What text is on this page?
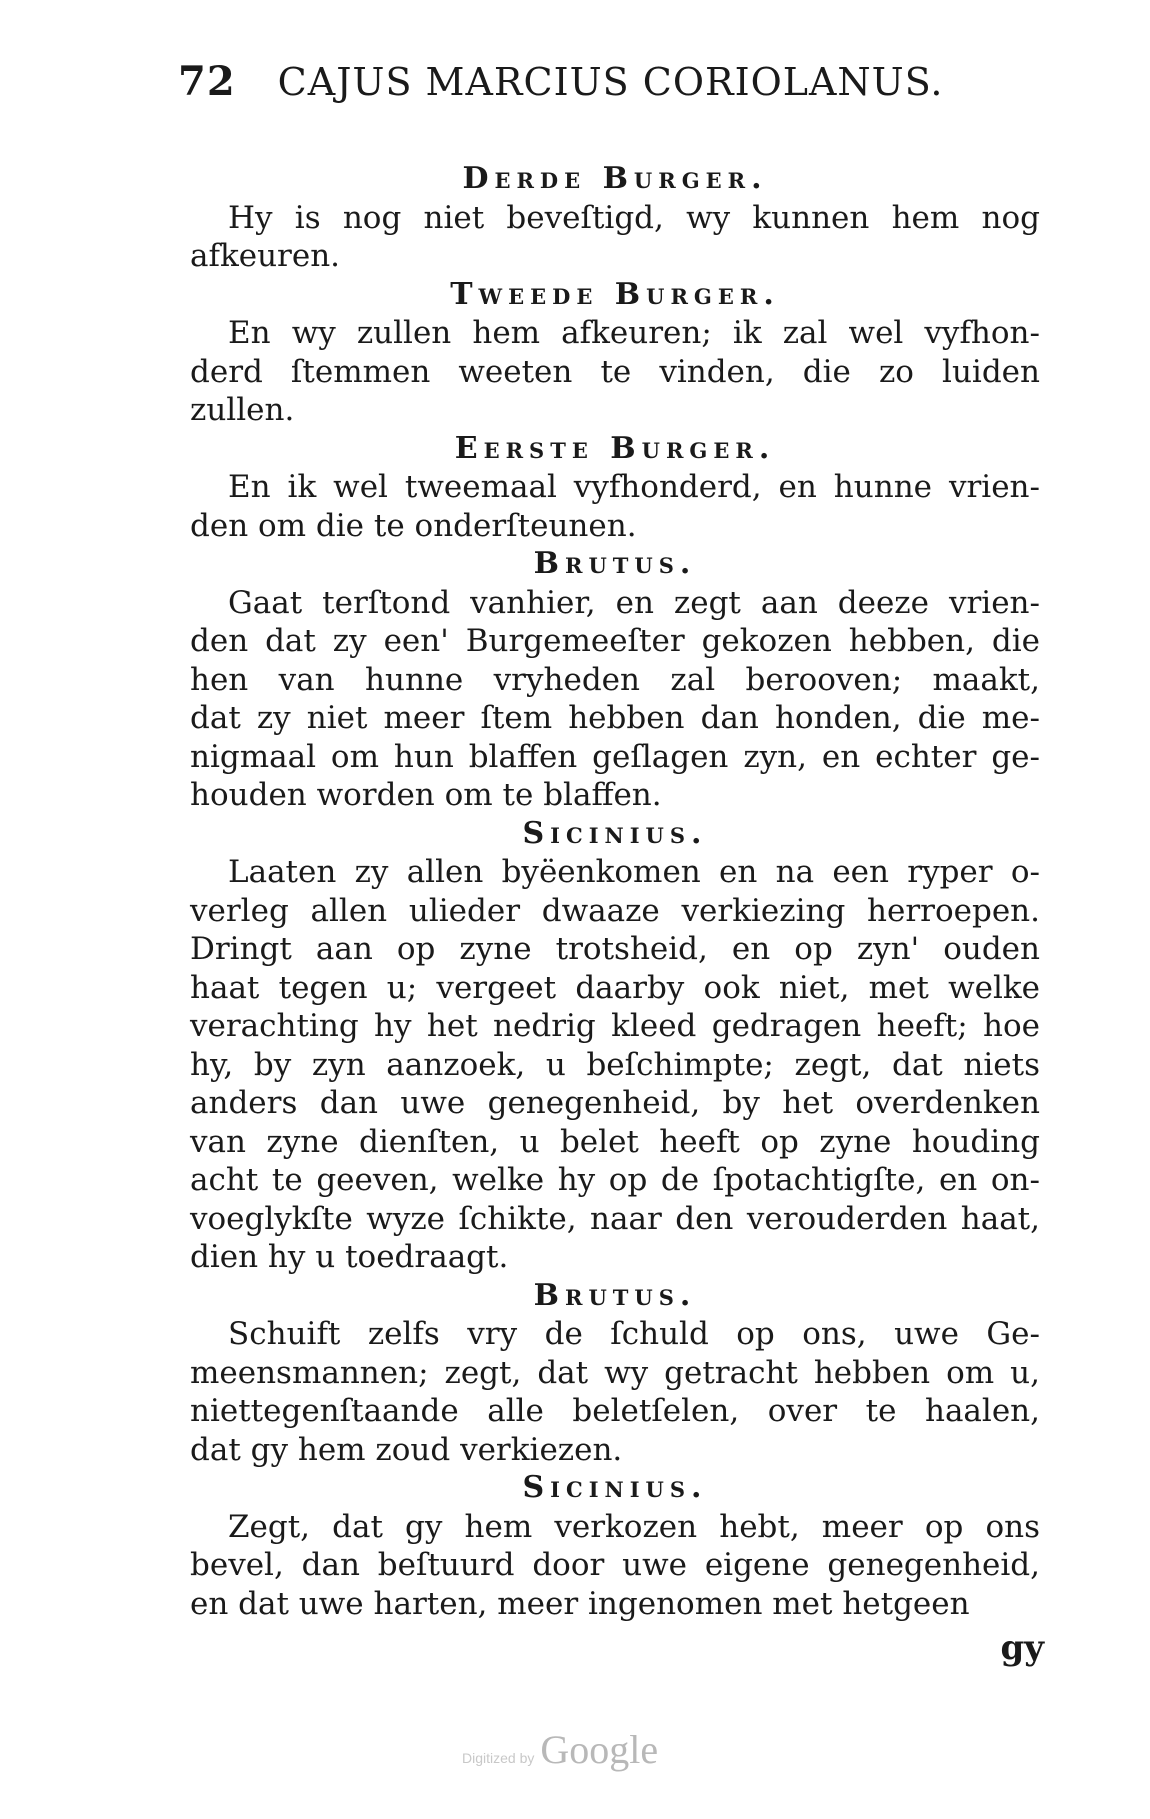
72 CAJUS MARCIUS CORIOLANUS.

Derde Burger.

Hy is nog niet beveſtigd, wy kunnen hem nog
afkeuren.

Tweede Burger.

En wy zullen hem afkeuren; ik zal wel vyfhon-
derd ſtemmen weeten te vinden, die zo luiden
zullen.

Eerste Burger.

En ik wel tweemaal vyfhonderd, en hunne vrien-
den om die te onderſteunen.

Brutus.

Gaat terſtond vanhier, en zegt aan deeze vrien-
den dat zy een' Burgemeeſter gekozen hebben, die
hen van hunne vryheden zal berooven; maakt,
dat zy niet meer ſtem hebben dan honden, die me-
nigmaal om hun blaffen geſlagen zyn, en echter ge-
houden worden om te blaffen.

Sicinius.

Laaten zy allen byëenkomen en na een ryper o-
verleg allen ulieder dwaaze verkiezing herroepen.
Dringt aan op zyne trotsheid, en op zyn' ouden
haat tegen u; vergeet daarby ook niet, met welke
verachting hy het nedrig kleed gedragen heeft; hoe
hy, by zyn aanzoek, u beſchimpte; zegt, dat niets
anders dan uwe genegenheid, by het overdenken
van zyne dienſten, u belet heeft op zyne houding
acht te geeven, welke hy op de ſpotachtigſte, en on-
voeglykſte wyze ſchikte, naar den verouderden haat,
dien hy u toedraagt.

Brutus.

Schuift zelfs vry de ſchuld op ons, uwe Ge-
meensmannen; zegt, dat wy getracht hebben om u,
niettegenſtaande alle beletſelen, over te haalen,
dat gy hem zoud verkiezen.

Sicinius.

Zegt, dat gy hem verkozen hebt, meer op ons
bevel, dan beſtuurd door uwe eigene genegenheid,
en dat uwe harten, meer ingenomen met hetgeen

gy
Digitized by Google
